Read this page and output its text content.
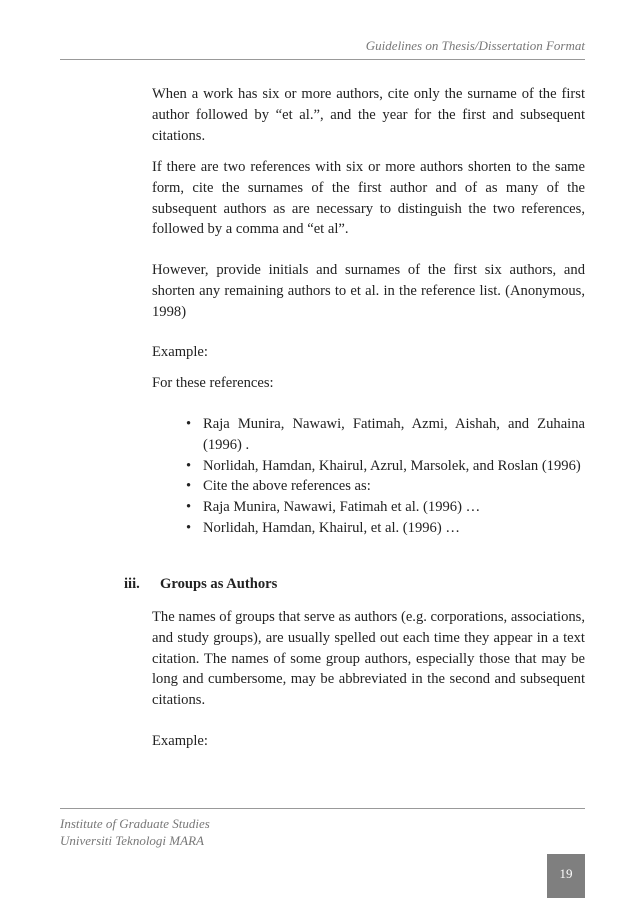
Guidelines on Thesis/Dissertation Format
When a work has six or more authors, cite only the surname of the first author followed by “et al.”, and the year for the first and subsequent citations.
If there are two references with six or more authors shorten to the same form, cite the surnames of the first author and of as many of the subsequent authors as are necessary to distinguish the two references, followed by a comma and “et al”.
However, provide initials and surnames of the first six authors, and shorten any remaining authors to et al. in the reference list. (Anonymous, 1998)
Example:
For these references:
• Raja Munira, Nawawi, Fatimah, Azmi, Aishah, and Zuhaina (1996) .
• Norlidah, Hamdan, Khairul, Azrul, Marsolek, and Roslan (1996)
• Cite the above references as:
• Raja Munira, Nawawi, Fatimah et al. (1996) …
• Norlidah, Hamdan, Khairul, et al. (1996) …
iii. Groups as Authors
The names of groups that serve as authors (e.g. corporations, associations, and study groups), are usually spelled out each time they appear in a text citation. The names of some group authors, especially those that may be long and cumbersome, may be abbreviated in the second and subsequent citations.
Example:
Institute of Graduate Studies
Universiti Teknologi MARA
19
